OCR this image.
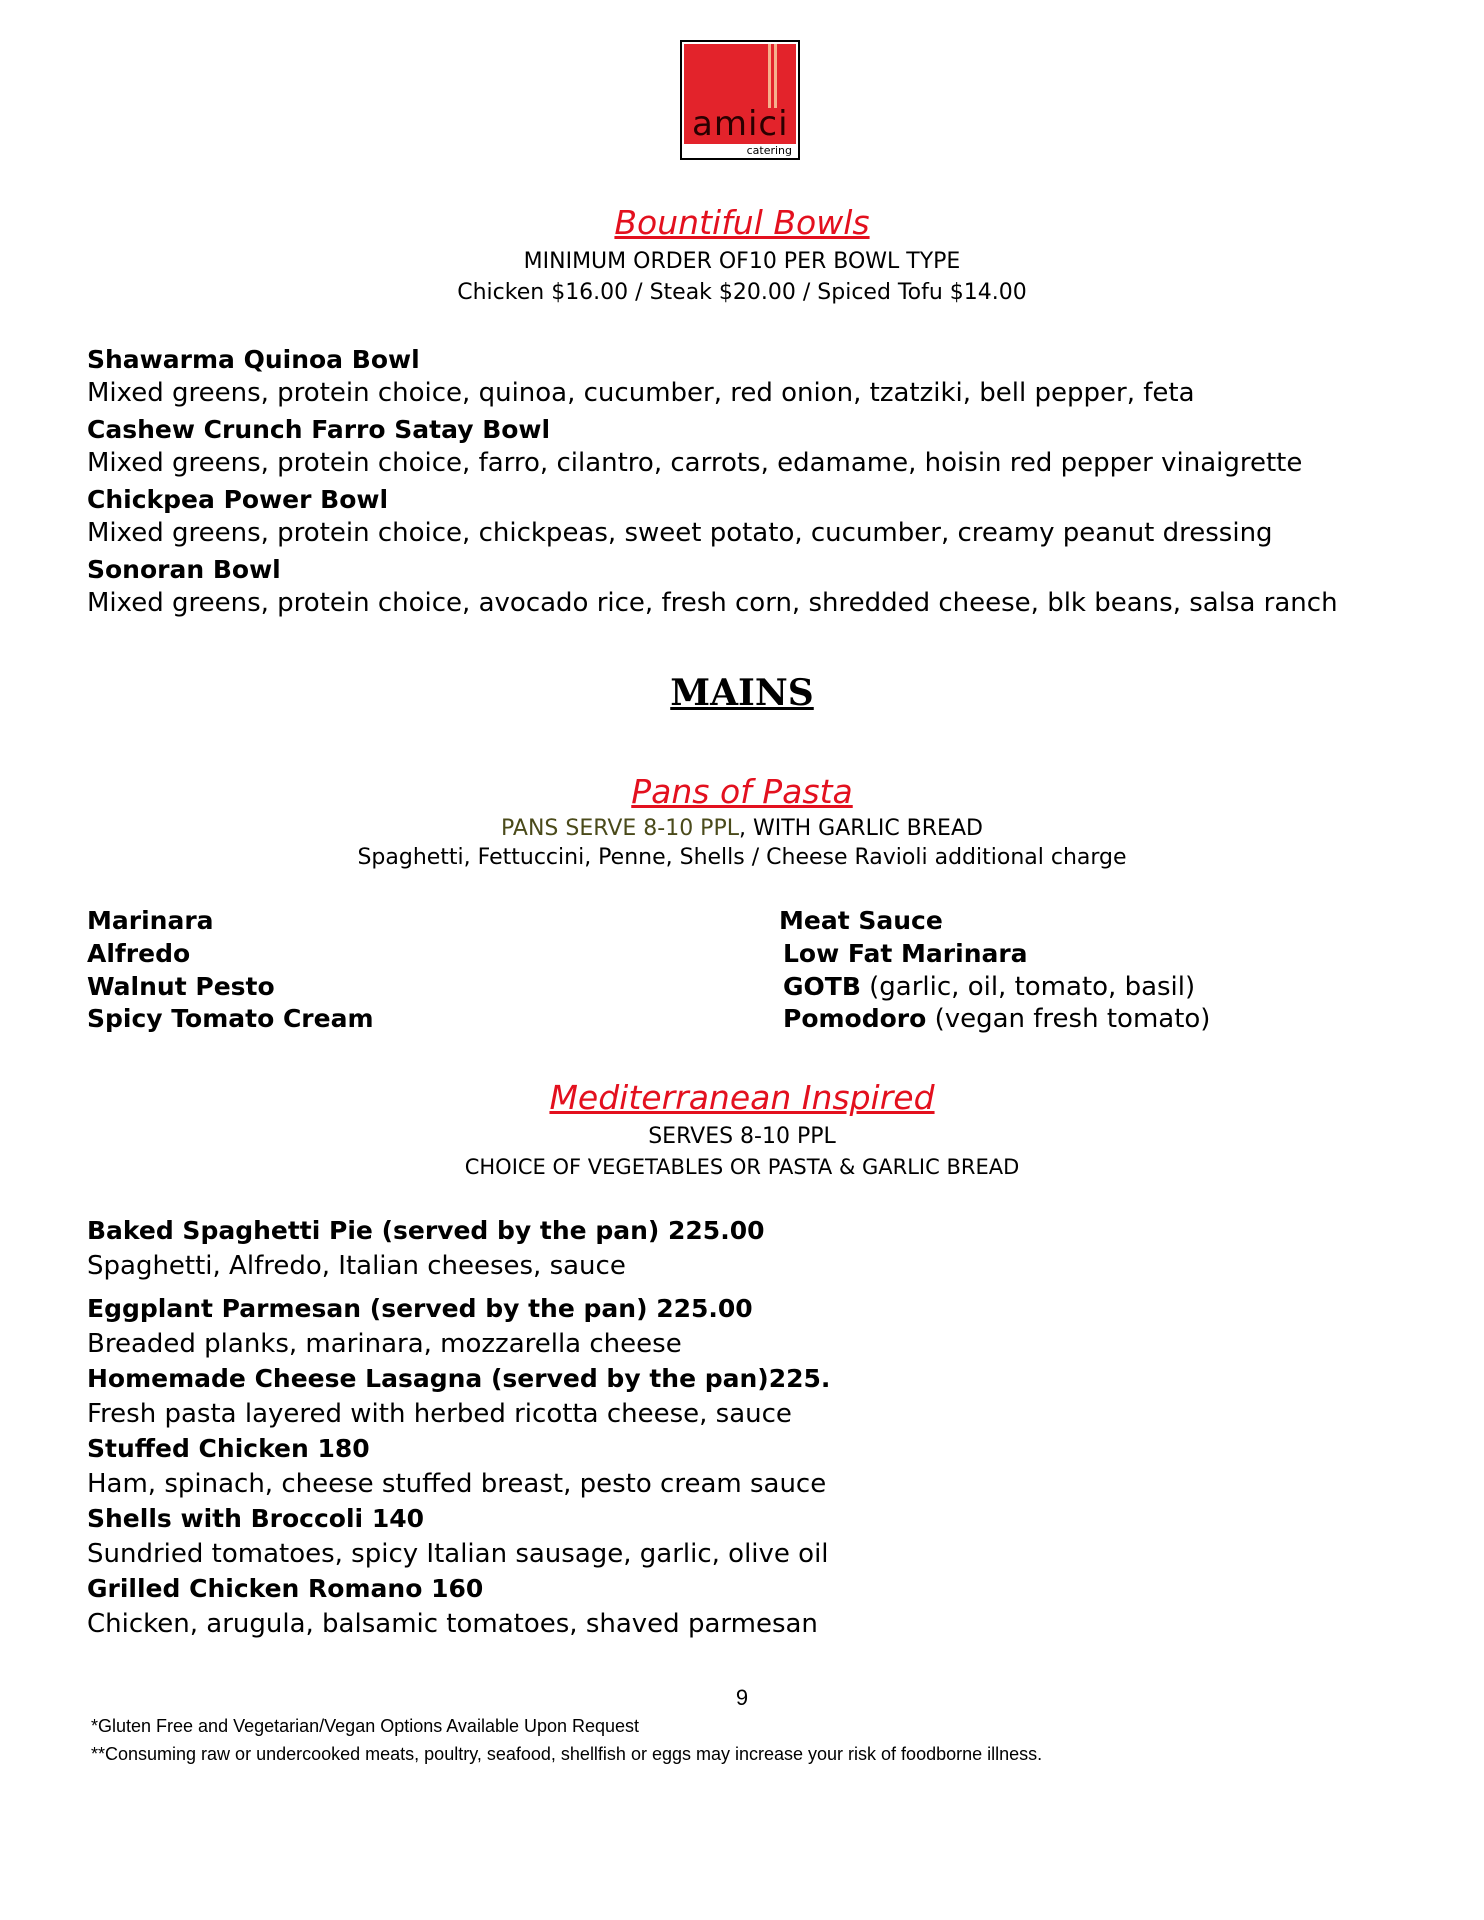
amici
catering
Bountiful Bowls
MINIMUM ORDER OF10 PER BOWL TYPE
Chicken $16.00 / Steak $20.00 / Spiced Tofu $14.00
Shawarma Quinoa Bowl
Mixed greens, protein choice, quinoa, cucumber, red onion, tzatziki, bell pepper, feta
Cashew Crunch Farro Satay Bowl
Mixed greens, protein choice, farro, cilantro, carrots, edamame, hoisin red pepper vinaigrette
Chickpea Power Bowl
Mixed greens, protein choice, chickpeas, sweet potato, cucumber, creamy peanut dressing
Sonoran Bowl
Mixed greens, protein choice, avocado rice, fresh corn, shredded cheese, blk beans, salsa ranch
MAINS
Pans of Pasta
PANS SERVE 8-10 PPL, WITH GARLIC BREAD
Spaghetti, Fettuccini, Penne, Shells / Cheese Ravioli additional charge
Marinara
Alfredo
Walnut Pesto
Spicy Tomato Cream
Meat Sauce
Low Fat Marinara
GOTB (garlic, oil, tomato, basil)
Pomodoro (vegan fresh tomato)
Mediterranean Inspired
SERVES 8-10 PPL
CHOICE OF VEGETABLES OR PASTA & GARLIC BREAD
Baked Spaghetti Pie (served by the pan) 225.00
Spaghetti, Alfredo, Italian cheeses, sauce
Eggplant Parmesan (served by the pan) 225.00
Breaded planks, marinara, mozzarella cheese
Homemade Cheese Lasagna (served by the pan)225.
Fresh pasta layered with herbed ricotta cheese, sauce
Stuffed Chicken 180
Ham, spinach, cheese stuffed breast, pesto cream sauce
Shells with Broccoli 140
Sundried tomatoes, spicy Italian sausage, garlic, olive oil
Grilled Chicken Romano 160
Chicken, arugula, balsamic tomatoes, shaved parmesan
9
*Gluten Free and Vegetarian/Vegan Options Available Upon Request
**Consuming raw or undercooked meats, poultry, seafood, shellfish or eggs may increase your risk of foodborne illness.
